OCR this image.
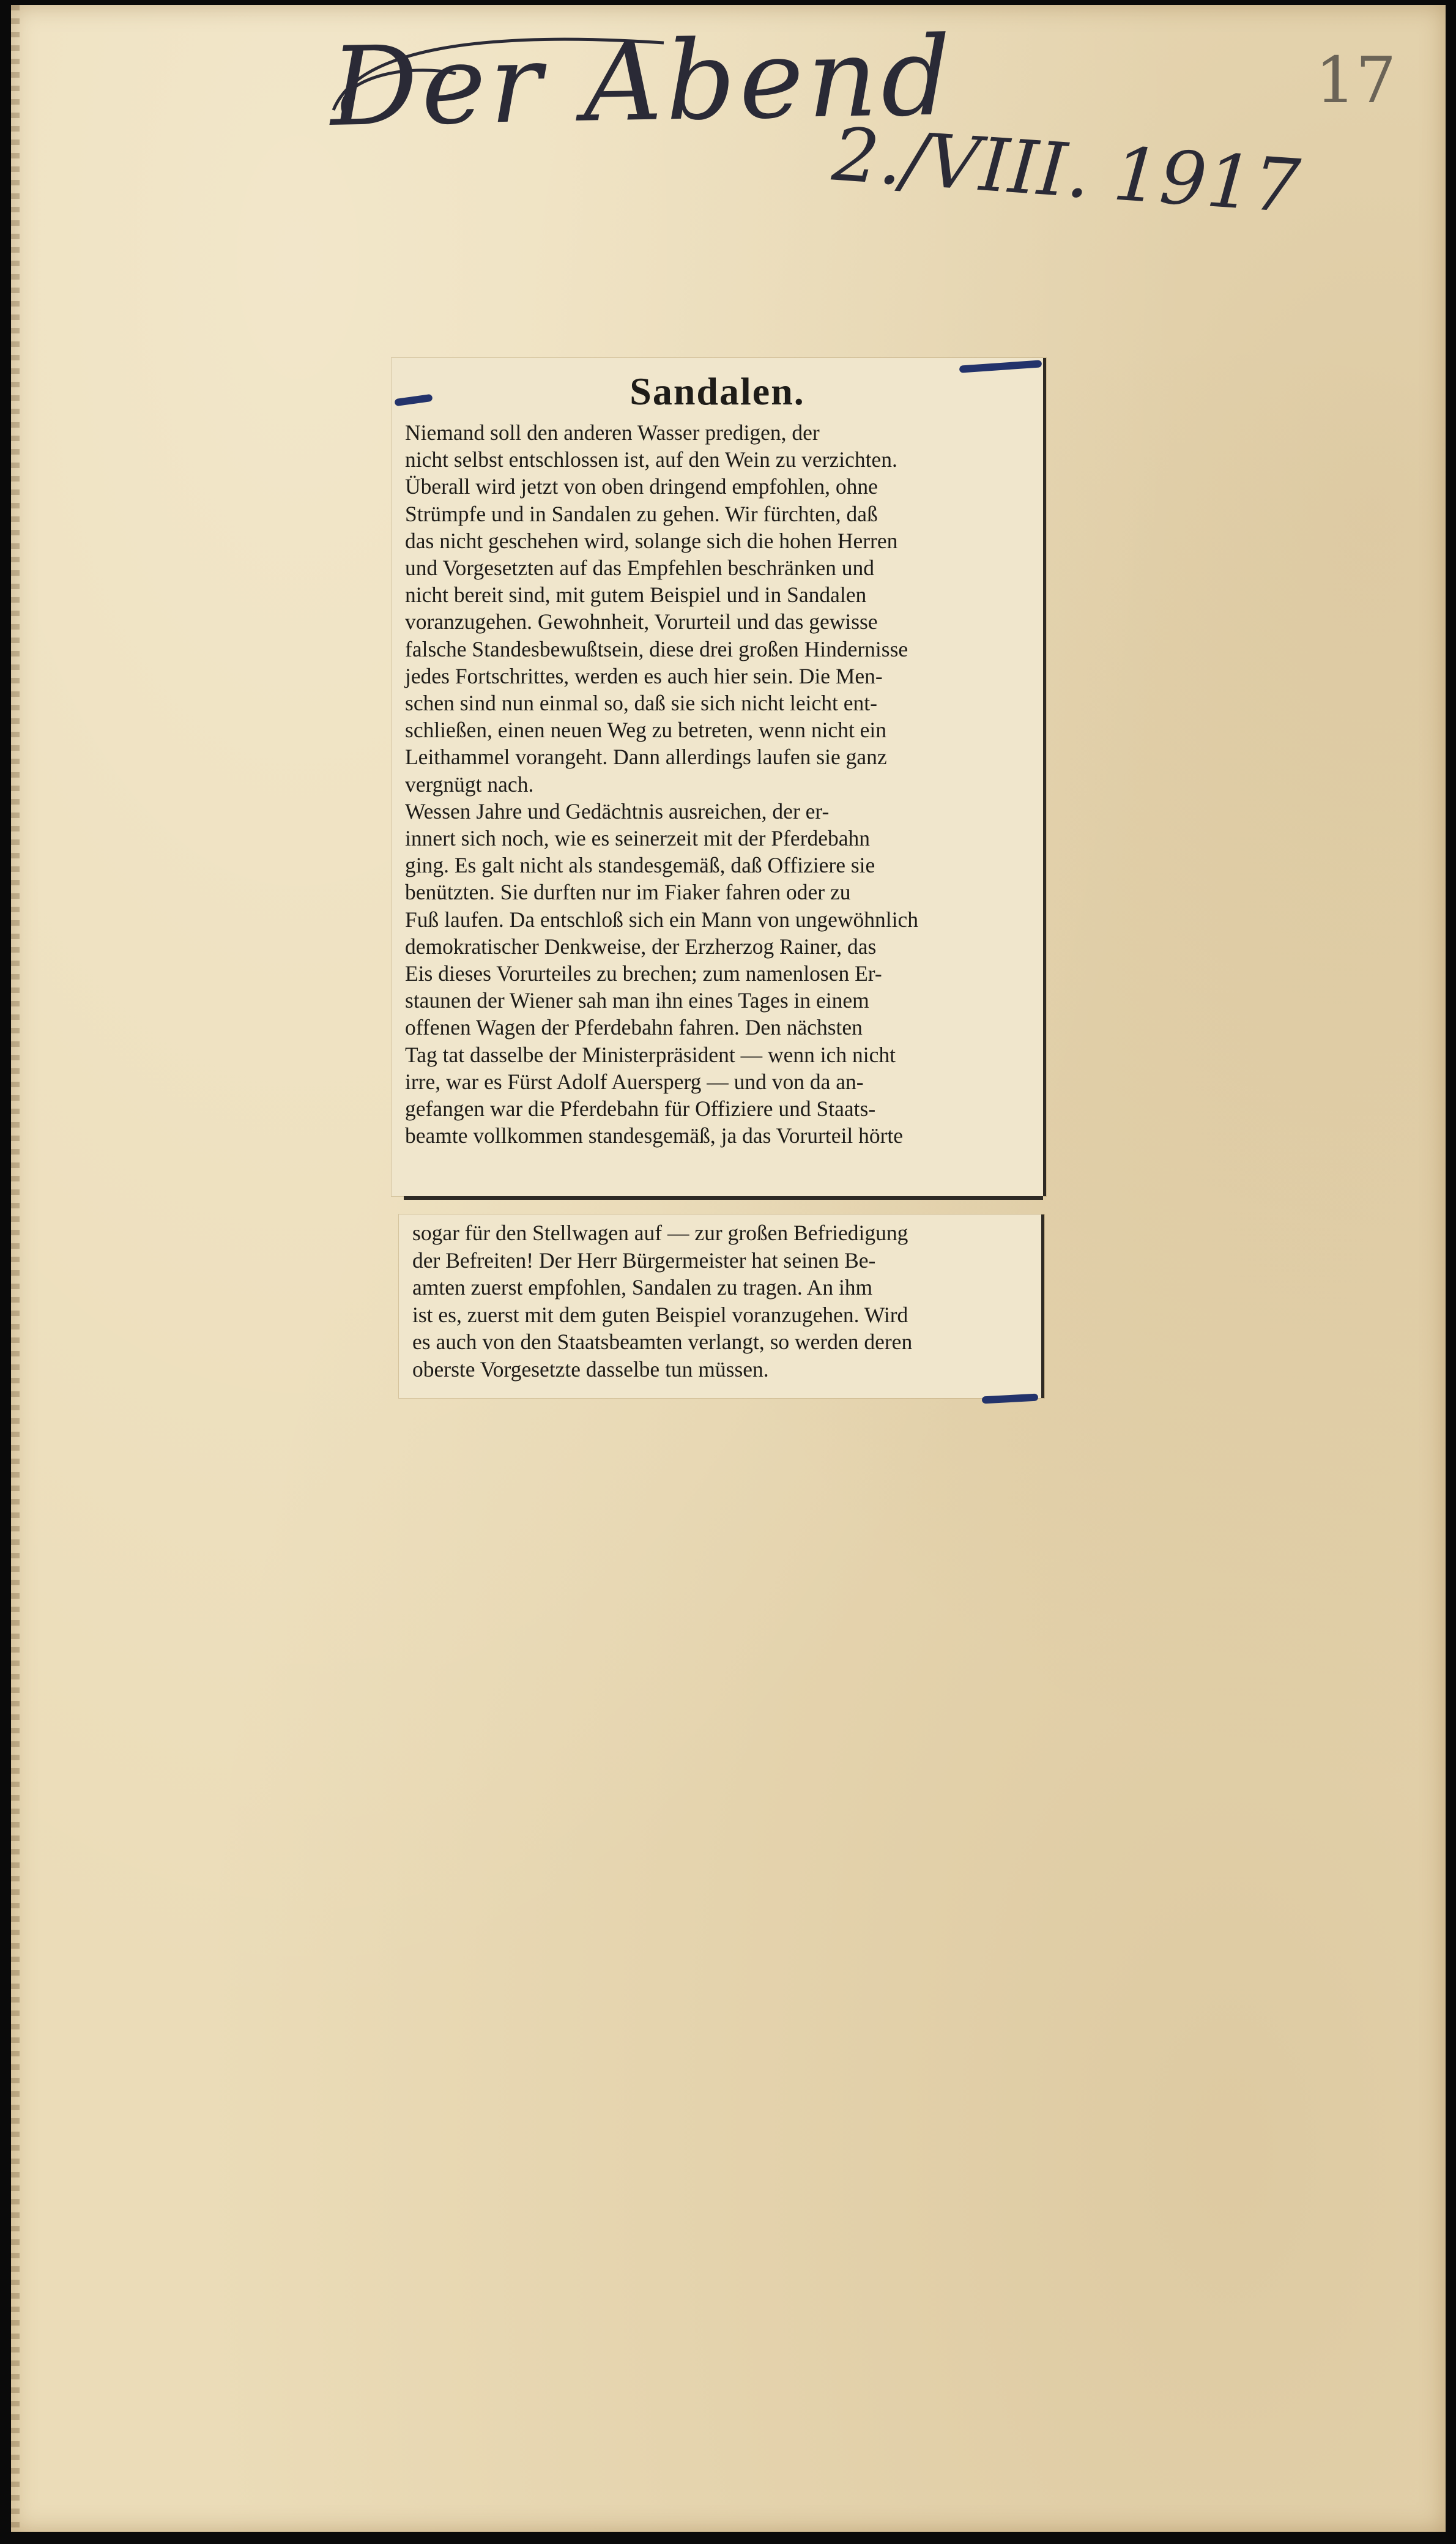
Der Abend
2./VIII. 1917
17
Sandalen.
Niemand soll den anderen Wasser predigen, der
nicht selbst entschlossen ist, auf den Wein zu verzichten.
Überall wird jetzt von oben dringend empfohlen, ohne
Strümpfe und in Sandalen zu gehen. Wir fürchten, daß
das nicht geschehen wird, solange sich die hohen Herren
und Vorgesetzten auf das Empfehlen beschränken und
nicht bereit sind, mit gutem Beispiel und in Sandalen
voranzugehen. Gewohnheit, Vorurteil und das gewisse
falsche Standesbewußtsein, diese drei großen Hindernisse
jedes Fortschrittes, werden es auch hier sein. Die Men-
schen sind nun einmal so, daß sie sich nicht leicht ent-
schließen, einen neuen Weg zu betreten, wenn nicht ein
Leithammel vorangeht. Dann allerdings laufen sie ganz
vergnügt nach.
Wessen Jahre und Gedächtnis ausreichen, der er-
innert sich noch, wie es seinerzeit mit der Pferdebahn
ging. Es galt nicht als standesgemäß, daß Offiziere sie
benützten. Sie durften nur im Fiaker fahren oder zu
Fuß laufen. Da entschloß sich ein Mann von ungewöhnlich
demokratischer Denkweise, der Erzherzog Rainer, das
Eis dieses Vorurteiles zu brechen; zum namenlosen Er-
staunen der Wiener sah man ihn eines Tages in einem
offenen Wagen der Pferdebahn fahren. Den nächsten
Tag tat dasselbe der Ministerpräsident — wenn ich nicht
irre, war es Fürst Adolf Auersperg — und von da an-
gefangen war die Pferdebahn für Offiziere und Staats-
beamte vollkommen standesgemäß, ja das Vorurteil hörte
sogar für den Stellwagen auf — zur großen Befriedigung
der Befreiten! Der Herr Bürgermeister hat seinen Be-
amten zuerst empfohlen, Sandalen zu tragen. An ihm
ist es, zuerst mit dem guten Beispiel voranzugehen. Wird
es auch von den Staatsbeamten verlangt, so werden deren
oberste Vorgesetzte dasselbe tun müssen.
